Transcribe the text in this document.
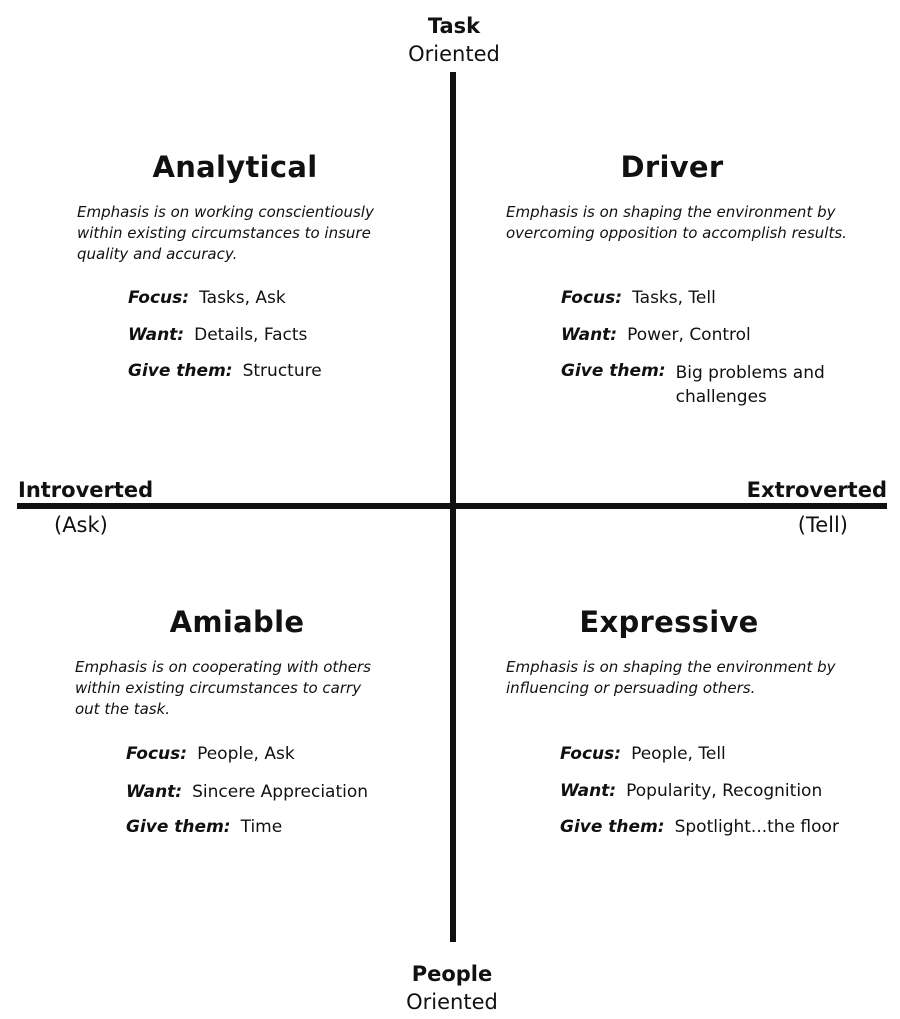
Task
Oriented
People
Oriented
Introverted
(Ask)
Extroverted
(Tell)
Analytical
Emphasis is on working conscientiously
within existing circumstances to insure
quality and accuracy.
Focus: Tasks, Ask
Want: Details, Facts
Give them: Structure
Driver
Emphasis is on shaping the environment by
overcoming opposition to accomplish results.
Focus: Tasks, Tell
Want: Power, Control
Give them: Big problems and
challenges
Amiable
Emphasis is on cooperating with others
within existing circumstances to carry
out the task.
Focus: People, Ask
Want: Sincere Appreciation
Give them: Time
Expressive
Emphasis is on shaping the environment by
influencing or persuading others.
Focus: People, Tell
Want: Popularity, Recognition
Give them: Spotlight...the floor
